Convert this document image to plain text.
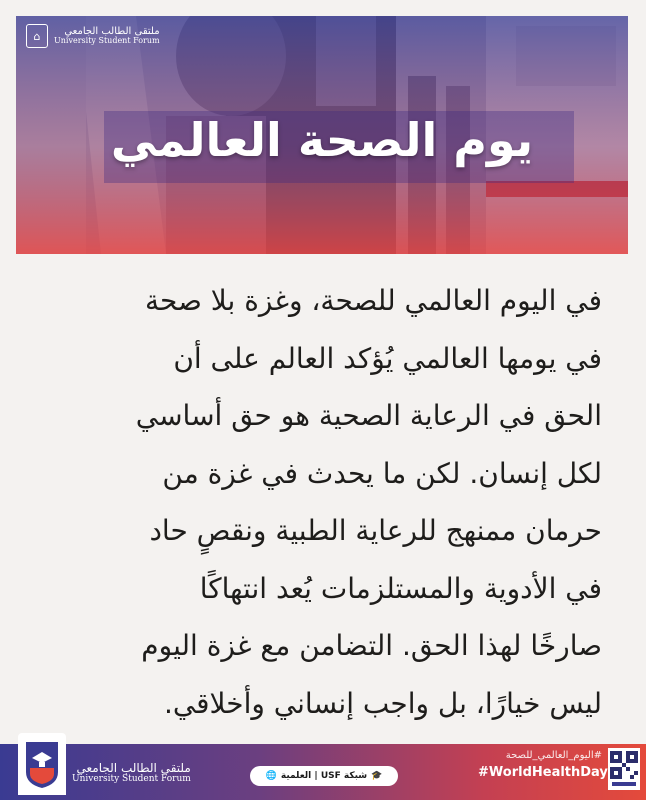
يوم الصحة العالمي
⌂	ملتقى الطالب الجامعي
University Student Forum

في اليوم العالمي للصحة، وغزة بلا صحة
في يومها العالمي يُؤكد العالم على أن
الحق في الرعاية الصحية هو حق أساسي
لكل إنسان. لكن ما يحدث في غزة من
حرمان ممنهج للرعاية الطبية ونقصٍ حاد
في الأدوية والمستلزمات يُعد انتهاكًا
صارخًا لهذا الحق. التضامن مع غزة اليوم
ليس خيارًا، بل واجب إنساني وأخلاقي.

ملتقى الطالب الجامعي
University Student Forum	🎓
شبكة USF | العلمية
🌐
#اليوم_العالمي_للصحة
#WorldHealthDay
